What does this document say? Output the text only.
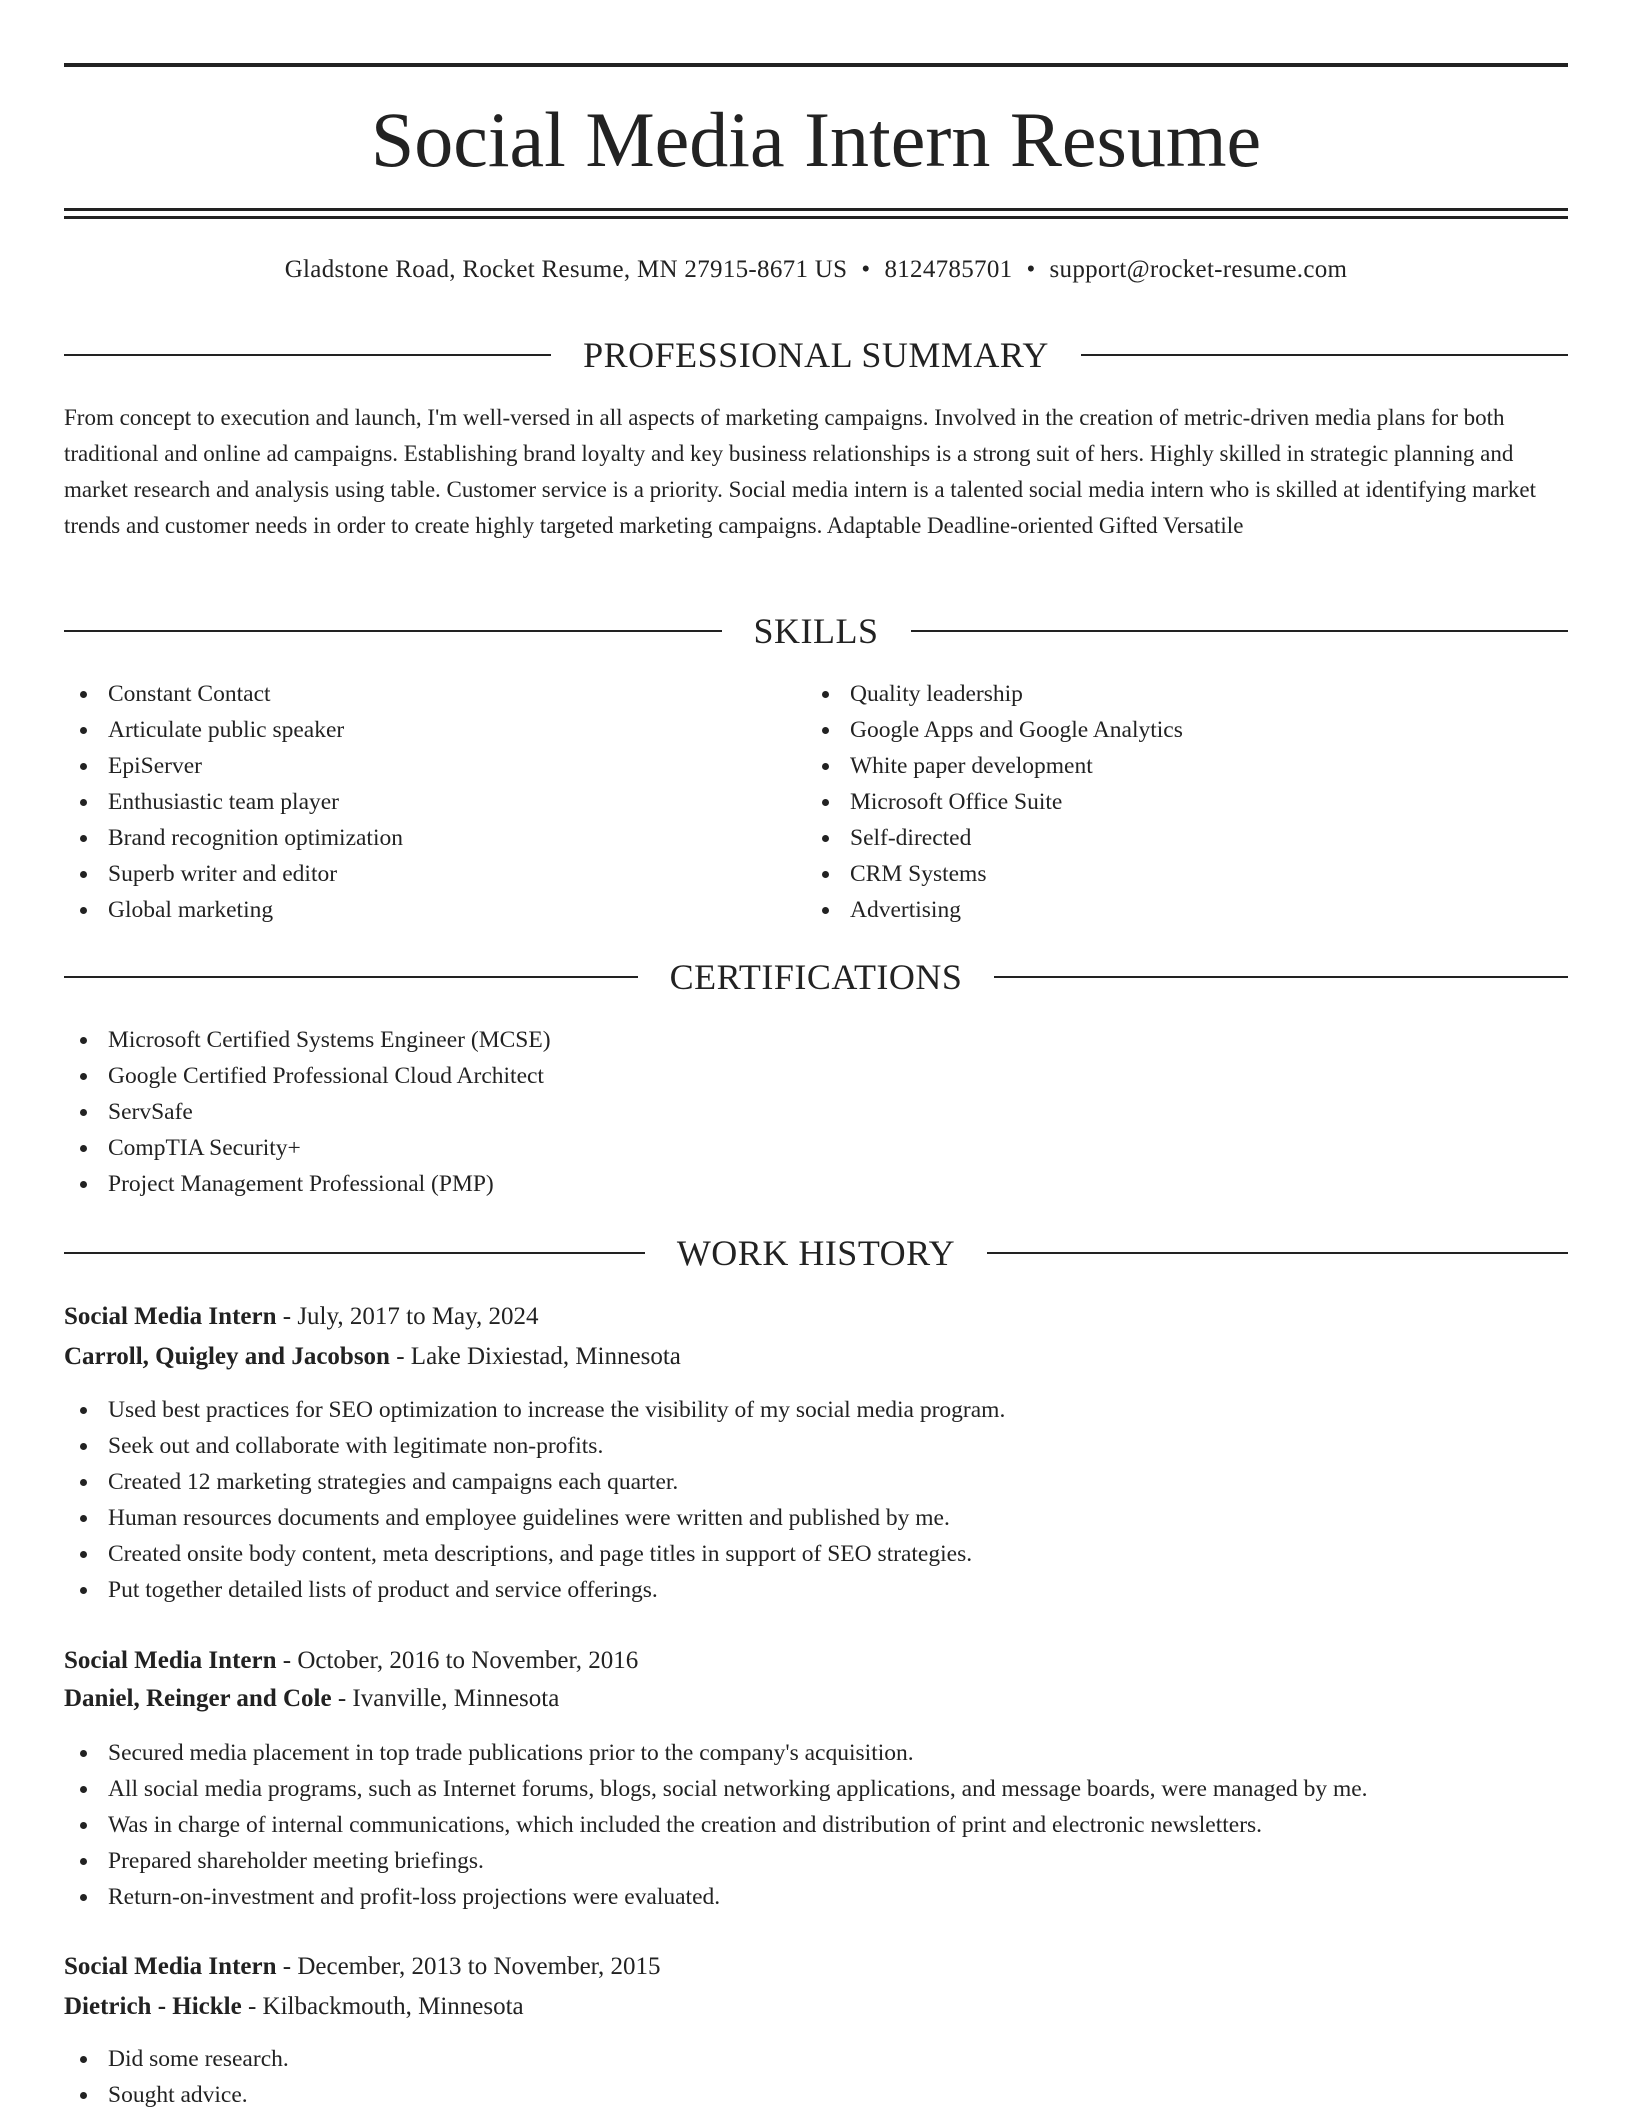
Social Media Intern Resume
Gladstone Road, Rocket Resume, MN 27915-8671 US • 8124785701 • support@rocket-resume.com
PROFESSIONAL SUMMARY

From concept to execution and launch, I'm well-versed in all aspects of marketing campaigns. Involved in the creation of metric-driven media plans for both traditional and online ad campaigns. Establishing brand loyalty and key business relationships is a strong suit of hers. Highly skilled in strategic planning and market research and analysis using table. Customer service is a priority. Social media intern is a talented social media intern who is skilled at identifying market trends and customer needs in order to create highly targeted marketing campaigns. Adaptable Deadline-oriented Gifted Versatile

SKILLS
Constant Contact
Articulate public speaker
EpiServer
Enthusiastic team player
Brand recognition optimization
Superb writer and editor
Global marketing
Quality leadership
Google Apps and Google Analytics
White paper development
Microsoft Office Suite
Self-directed
CRM Systems
Advertising
CERTIFICATIONS
Microsoft Certified Systems Engineer (MCSE)
Google Certified Professional Cloud Architect
ServSafe
CompTIA Security+
Project Management Professional (PMP)
WORK HISTORY
Social Media Intern - July, 2017 to May, 2024
Carroll, Quigley and Jacobson - Lake Dixiestad, Minnesota
Used best practices for SEO optimization to increase the visibility of my social media program.
Seek out and collaborate with legitimate non-profits.
Created 12 marketing strategies and campaigns each quarter.
Human resources documents and employee guidelines were written and published by me.
Created onsite body content, meta descriptions, and page titles in support of SEO strategies.
Put together detailed lists of product and service offerings.
Social Media Intern - October, 2016 to November, 2016
Daniel, Reinger and Cole - Ivanville, Minnesota
Secured media placement in top trade publications prior to the company's acquisition.
All social media programs, such as Internet forums, blogs, social networking applications, and message boards, were managed by me.
Was in charge of internal communications, which included the creation and distribution of print and electronic newsletters.
Prepared shareholder meeting briefings.
Return-on-investment and profit-loss projections were evaluated.
Social Media Intern - December, 2013 to November, 2015
Dietrich - Hickle - Kilbackmouth, Minnesota
Did some research.
Sought advice.
